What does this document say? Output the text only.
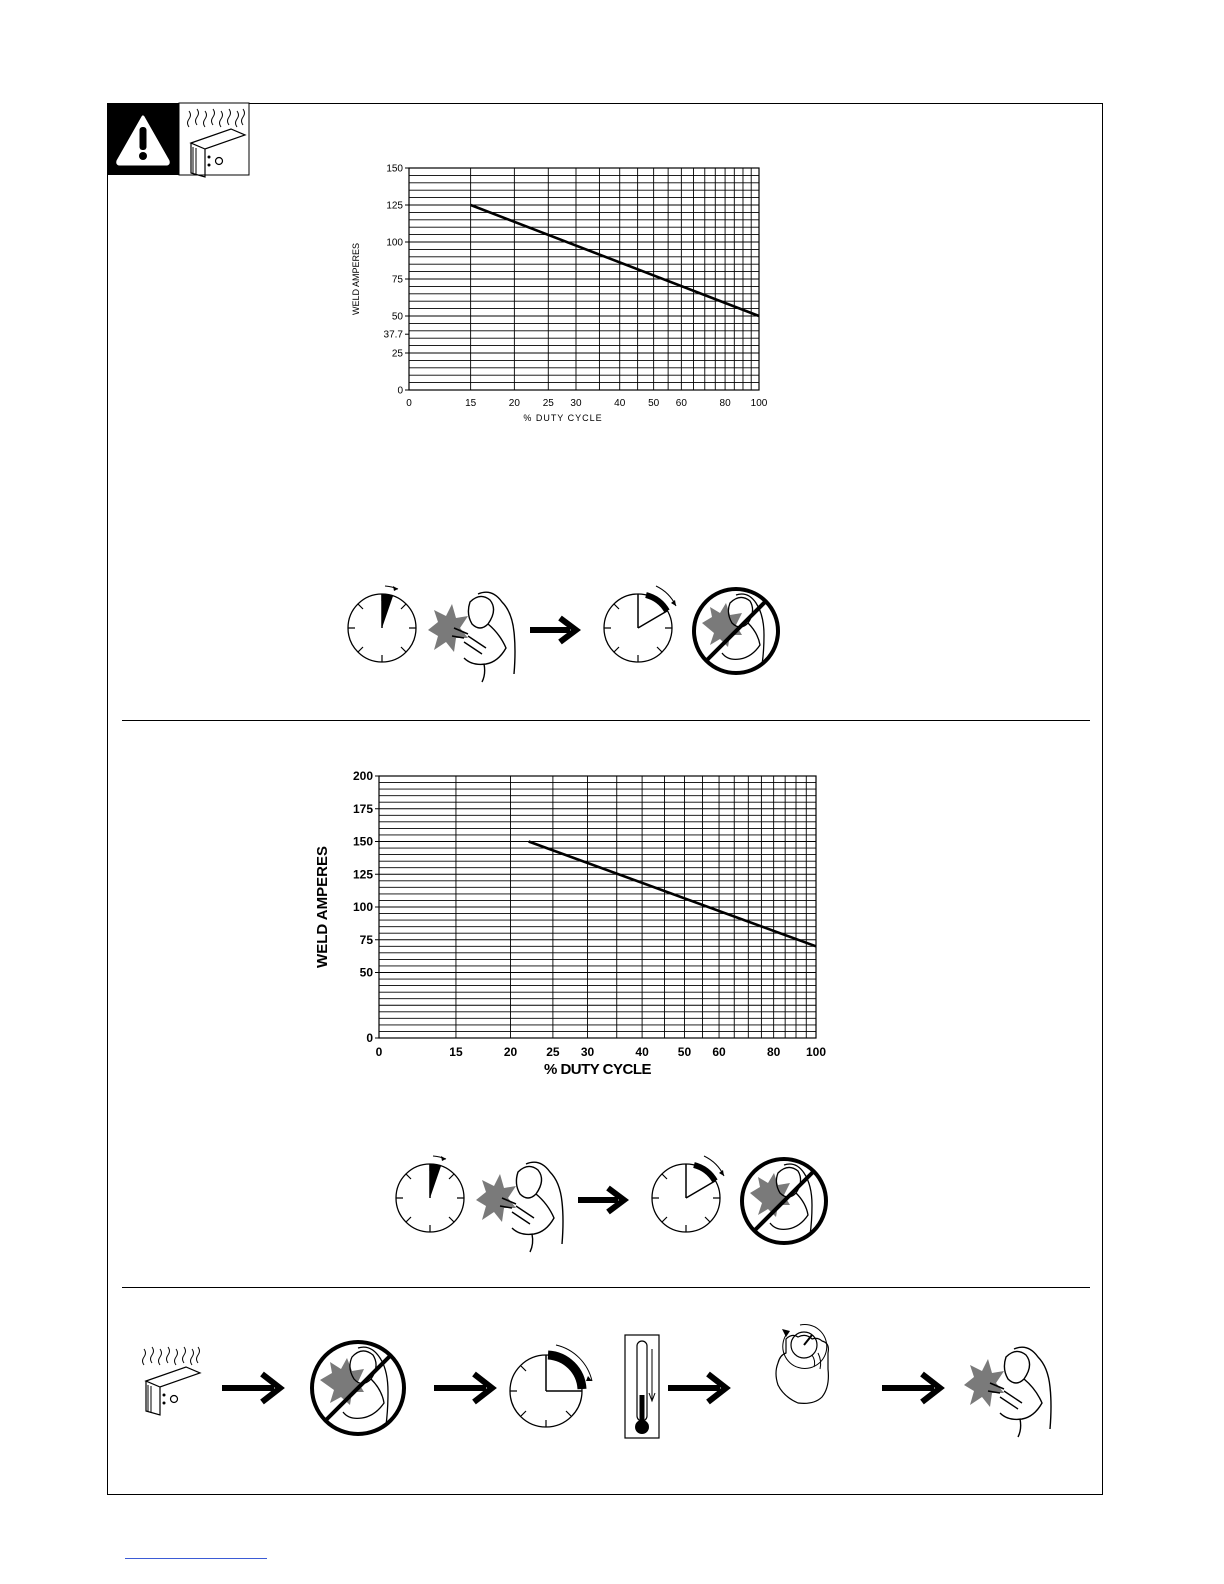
150
125
100
75
50
37.7
25
0
0	15	20 25 30	40 50 60	80 100
% DUTY CYCLE
WELD AMPERES
200
175
150
125
100
75
50
0
0	15	20 25 30	40 50 60	80 100
% DUTY CYCLE
WELD AMPERES
